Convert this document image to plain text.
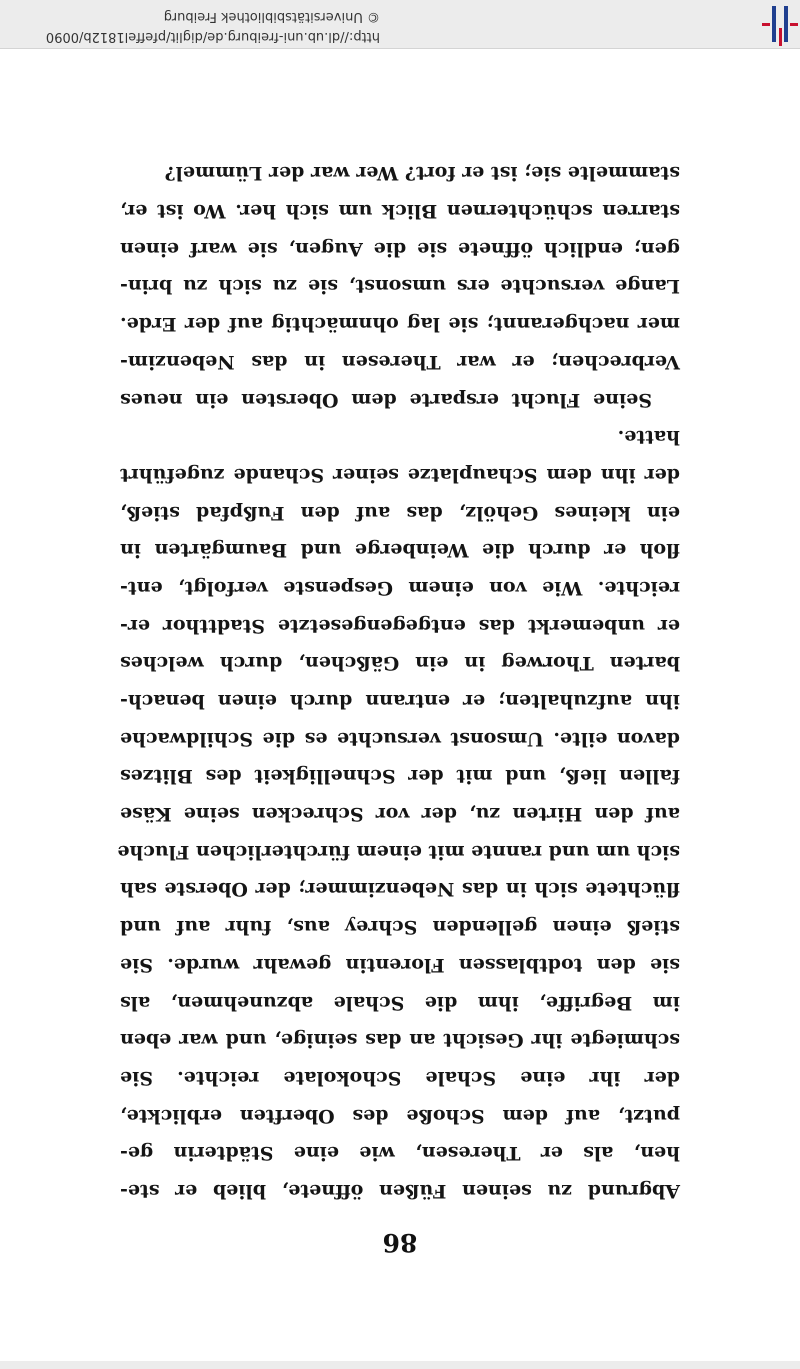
86
Abgrund zu seinen Füßen öffnete, blieb er ste-
hen, als er Theresen, wie eine Städterin ge-
putzt, auf dem Schoße des Oberften erblickte,
der ihr eine Schale Schokolate reichte. Sie
schmiegte ihr Gesicht an das seinige, und war eben
im Begriffe, ihm die Schale abzunehmen, als
sie den todtblassen Florentin gewahr wurde. Sie
stieß einen gellenden Schrey aus, fuhr auf und
flüchtete sich in das Nebenzimmer; der Oberste sah
sich um und rannte mit einem fürchterlichen Fluche
auf den Hirten zu, der vor Schrecken seine Käse
fallen ließ, und mit der Schnelligkeit des Blitzes
davon eilte. Umsonst versuchte es die Schildwache
ihn aufzuhalten; er entrann durch einen benach-
barten Thorweg in ein Gäßchen, durch welches
er unbemerkt das entgegengesetzte Stadtthor er-
reichte. Wie von einem Gespenste verfolgt, ent-
floh er durch die Weinberge und Baumgärten in
ein kleines Gehölz, das auf den Fußpfad stieß,
der ihn dem Schauplatze seiner Schande zugeführt
hatte.
Seine Flucht ersparte dem Obersten ein neues
Verbrechen; er war Theresen in das Nebenzim-
mer nachgerannt; sie lag ohnmächtig auf der Erde.
Lange versuchte ers umsonst, sie zu sich zu brin-
gen; endlich öffnete sie die Augen, sie warf einen
starren schüchternen Blick um sich her. Wo ist er,
stammelte sie; ist er fort? Wer war der Lümmel?
http://dl.ub.uni-freiburg.de/diglit/pfeffel1812b/0090
© Universitätsbibliothek Freiburg
